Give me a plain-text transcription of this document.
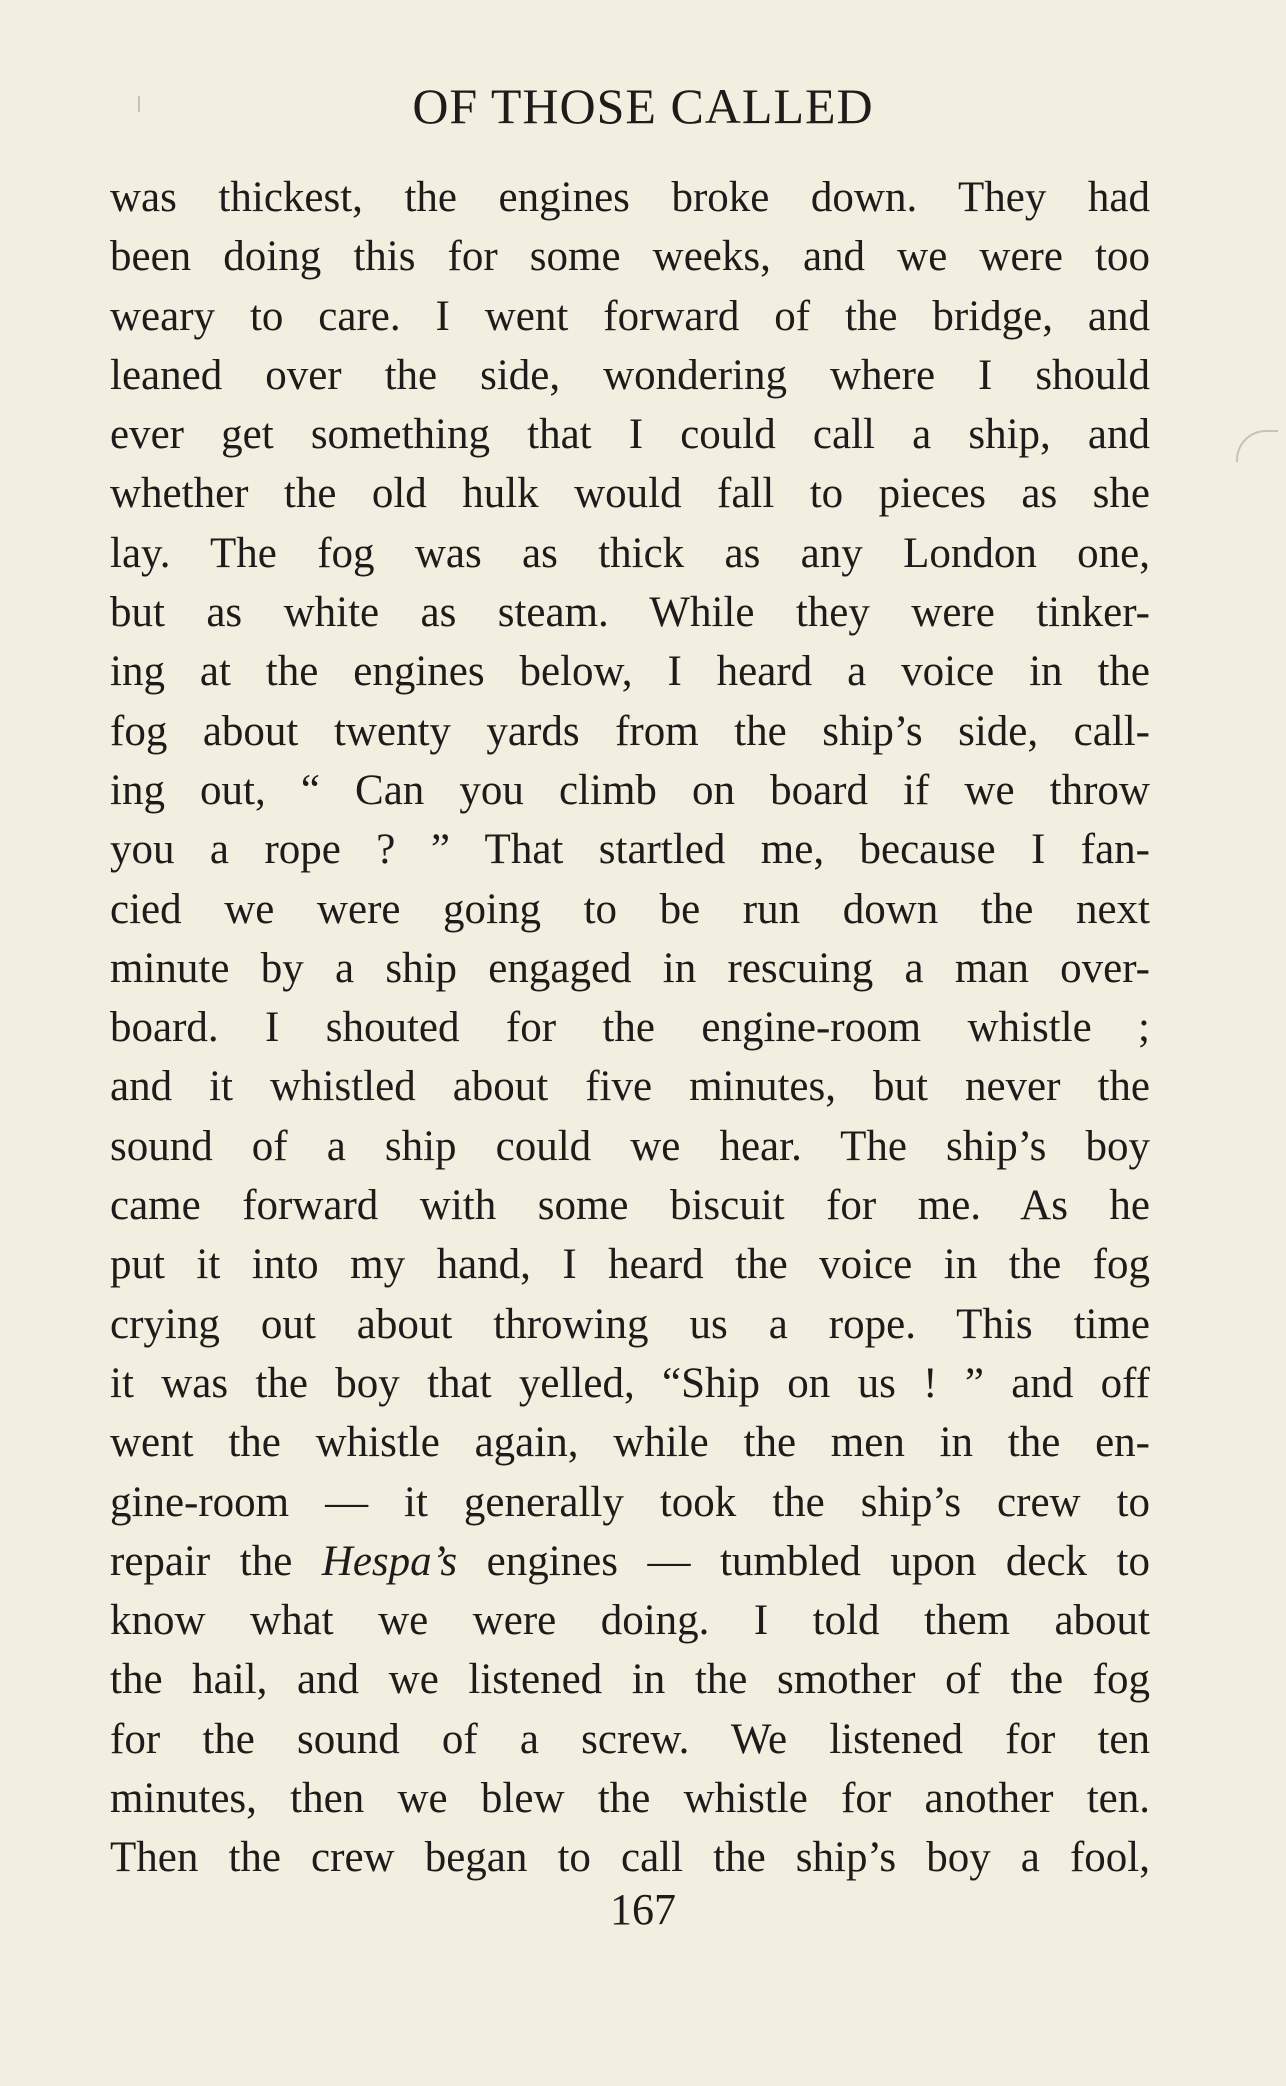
OF THOSE CALLED
was thickest, the engines broke down. They had
been doing this for some weeks, and we were too
weary to care. I went forward of the bridge, and
leaned over the side, wondering where I should
ever get something that I could call a ship, and
whether the old hulk would fall to pieces as she
lay. The fog was as thick as any London one,
but as white as steam. While they were tinker-
ing at the engines below, I heard a voice in the
fog about twenty yards from the ship’s side, call-
ing out, “ Can you climb on board if we throw
you a rope ? ” That startled me, because I fan-
cied we were going to be run down the next
minute by a ship engaged in rescuing a man over-
board. I shouted for the engine-room whistle ;
and it whistled about five minutes, but never the
sound of a ship could we hear. The ship’s boy
came forward with some biscuit for me. As he
put it into my hand, I heard the voice in the fog
crying out about throwing us a rope. This time
it was the boy that yelled, “Ship on us ! ” and off
went the whistle again, while the men in the en-
gine-room — it generally took the ship’s crew to
repair the Hespa’s engines — tumbled upon deck to
know what we were doing. I told them about
the hail, and we listened in the smother of the fog
for the sound of a screw. We listened for ten
minutes, then we blew the whistle for another ten.
Then the crew began to call the ship’s boy a fool,
167
